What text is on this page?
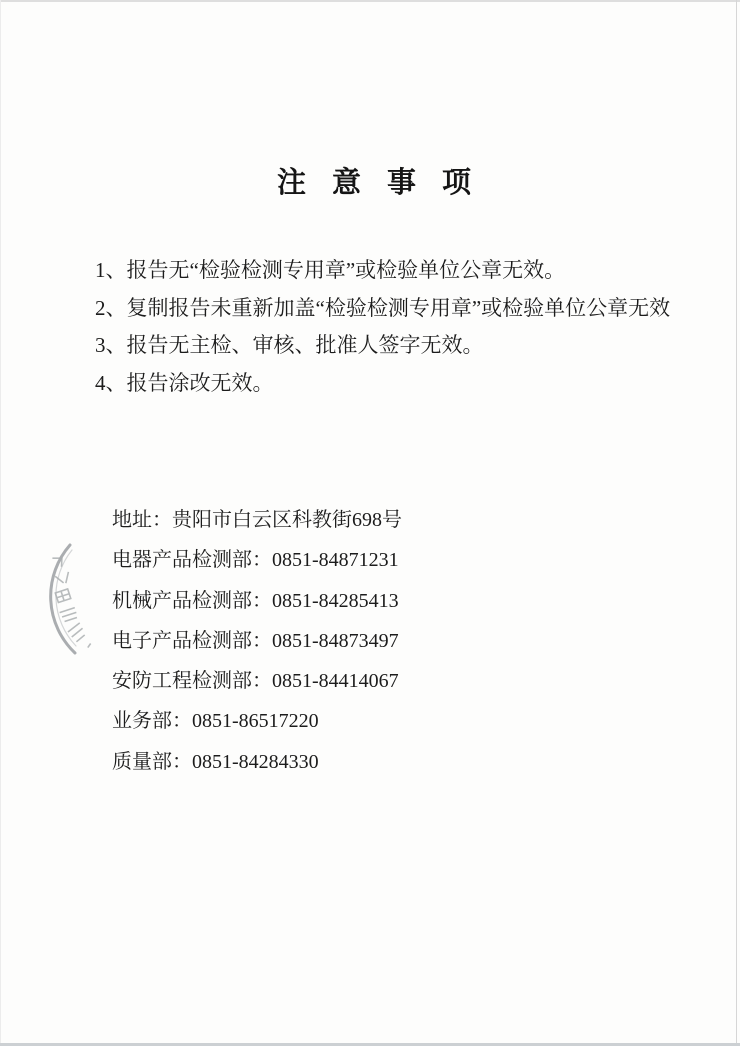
注意事项
1、报告无“检验检测专用章”或检验单位公章无效。
2、复制报告未重新加盖“检验检测专用章”或检验单位公章无效
3、报告无主检、审核、批准人签字无效。
4、报告涂改无效。
地址：贵阳市白云区科教街698号
电器产品检测部：0851-84871231
机械产品检测部：0851-84285413
电子产品检测部：0851-84873497
安防工程检测部：0851-84414067
业务部：0851-86517220
质量部：0851-84284330
